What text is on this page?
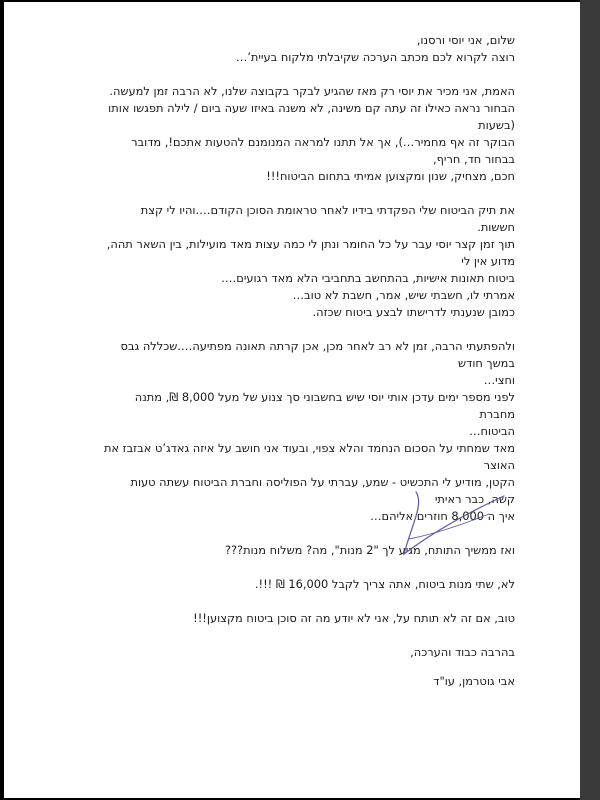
שלום, אני יוסי ורסנו,

רוצה לקרוא לכם מכתב הערכה שקיבלתי מלקוח בעיית’…

האמת, אני מכיר את יוסי רק מאז שהגיע לבקר בקבוצה שלנו, לא הרבה זמן למעשה.

הבחור נראה כאילו זה עתה קם משינה, לא משנה באיזו שעה ביום / לילה תפגשו אותו (בשעות

הבוקר זה אף מחמיר…), אך אל תתנו למראה המנומנם להטעות אתכם!, מדובר בבחור חד, חריף,

חכם, מצחיק, שנון ומקצוען אמיתי בתחום הביטוח!!!

את תיק הביטוח שלי הפקדתי בידיו לאחר טראומת הסוכן הקודם….והיו לי קצת חששות.

תוך זמן קצר יוסי עבר על כל החומר ונתן לי כמה עצות מאד מועילות, בין השאר תהה, מדוע אין לי

ביטוח תאונות אישיות, בהתחשב בתחביבי הלא מאד רגועים….

אמרתי לו, חשבתי שיש, אמר, חשבת לא טוב…

כמובן שנענתי לדרישתו לבצע ביטוח שכזה.

ולהפתעתי הרבה, זמן לא רב לאחר מכן, אכן קרתה תאונה מפתיעה….שכללה גבס במשך חודש

וחצי…

לפני מספר ימים עדכן אותי יוסי שיש בחשבוני סך צנוע של מעל 8,000 ₪, מתנה מחברת

הביטוח…

מאד שמחתי על הסכום הנחמד והלא צפוי, ובעוד אני חושב על איזה גאדג’ט אבזבז את האוצר

הקטן, מודיע לי התכשיט - שמע, עברתי על הפוליסה וחברת הביטוח עשתה טעות קשה, כבר ראיתי

איך ה 8,000 חוזרים אליהם…

ואז ממשיך התותח, מגיע לך "2 מנות", מה? משלוח מנות???

לא, שתי מנות ביטוח, אתה צריך לקבל 16,000 ₪ !!!.

טוב, אם זה לא תותח על, אני לא יודע מה זה סוכן ביטוח מקצוען!!!

בהרבה כבוד והערכה,

אבי גוטרמן, עו"ד
